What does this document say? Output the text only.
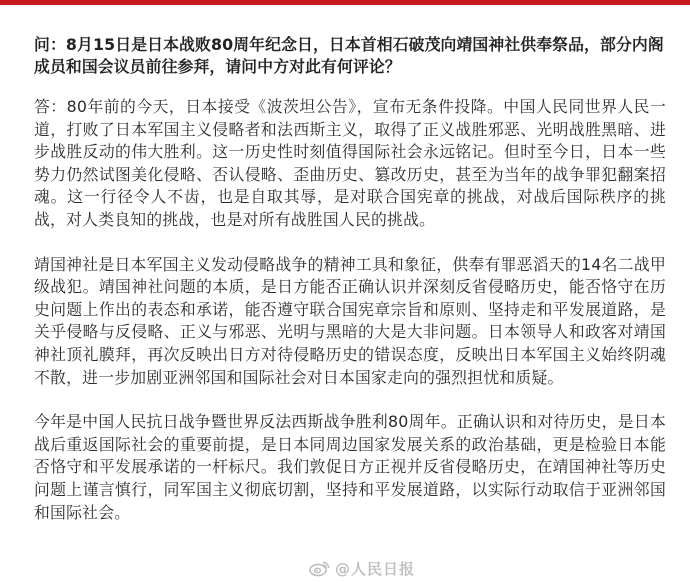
问：8月15日是日本战败80周年纪念日，日本首相石破茂向靖国神社供奉祭品，部分内阁成员和国会议员前往参拜，请问中方对此有何评论？

答：80年前的今天，日本接受《波茨坦公告》，宣布无条件投降。中国人民同世界人民一道，打败了日本军国主义侵略者和法西斯主义，取得了正义战胜邪恶、光明战胜黑暗、进步战胜反动的伟大胜利。这一历史性时刻值得国际社会永远铭记。但时至今日，日本一些势力仍然试图美化侵略、否认侵略、歪曲历史、篡改历史，甚至为当年的战争罪犯翻案招魂。这一行径令人不齿，也是自取其辱，是对联合国宪章的挑战，对战后国际秩序的挑战，对人类良知的挑战，也是对所有战胜国人民的挑战。

靖国神社是日本军国主义发动侵略战争的精神工具和象征，供奉有罪恶滔天的14名二战甲级战犯。靖国神社问题的本质，是日方能否正确认识并深刻反省侵略历史，能否恪守在历史问题上作出的表态和承诺，能否遵守联合国宪章宗旨和原则、坚持走和平发展道路，是关乎侵略与反侵略、正义与邪恶、光明与黑暗的大是大非问题。日本领导人和政客对靖国神社顶礼膜拜，再次反映出日方对待侵略历史的错误态度，反映出日本军国主义始终阴魂不散，进一步加剧亚洲邻国和国际社会对日本国家走向的强烈担忧和质疑。

今年是中国人民抗日战争暨世界反法西斯战争胜利80周年。正确认识和对待历史，是日本战后重返国际社会的重要前提，是日本同周边国家发展关系的政治基础，更是检验日本能否恪守和平发展承诺的一杆标尺。我们敦促日方正视并反省侵略历史，在靖国神社等历史问题上谨言慎行，同军国主义彻底切割，坚持和平发展道路，以实际行动取信于亚洲邻国和国际社会。

@人民日报
